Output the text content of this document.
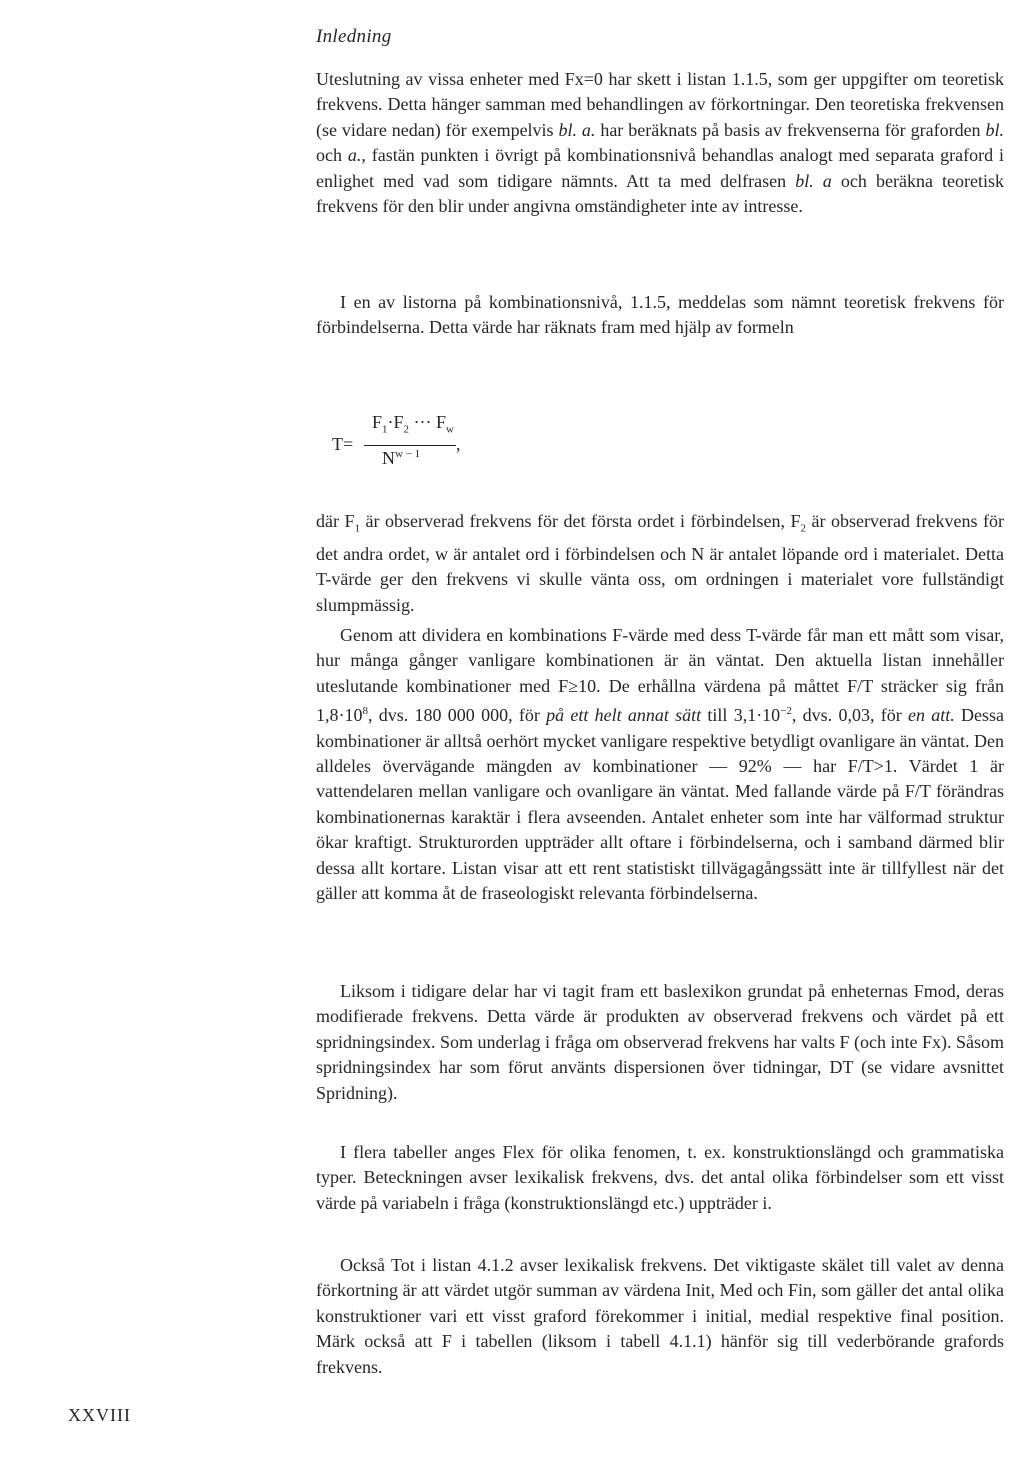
Inledning

Uteslutning av vissa enheter med Fx=0 har skett i listan 1.1.5, som ger uppgifter om teoretisk frekvens. Detta hänger samman med behandlingen av förkortningar. Den teoretiska frekvensen (se vidare nedan) för exempelvis bl. a. har beräknats på basis av frekvenserna för graforden bl. och a., fastän punkten i övrigt på kombinationsnivå behandlas analogt med separata graford i enlighet med vad som tidigare nämnts. Att ta med delfrasen bl. a och beräkna teoretisk frekvens för den blir under angivna omständigheter inte av intresse.

I en av listorna på kombinationsnivå, 1.1.5, meddelas som nämnt teoretisk frekvens för förbindelserna. Detta värde har räknats fram med hjälp av formeln

T=
$F_1\cdot F_2$ ··· $F_w$
$N^{w - 1}$ ,

där $F_1$ är observerad frekvens för det första ordet i förbindelsen, $F_2$ är observerad frekvens för det andra ordet, w är antalet ord i förbindelsen och N är antalet löpande ord i materialet. Detta T-värde ger den frekvens vi skulle vänta oss, om ordningen i materialet vore fullständigt slumpmässig.

Genom att dividera en kombinations F-värde med dess T-värde får man ett mått som visar, hur många gånger vanligare kombinationen är än väntat. Den aktuella listan innehåller uteslutande kombinationer med F≥10. De erhållna värdena på måttet F/T sträcker sig från $1,8\cdot 10^8$, dvs. 180 000 000, för på ett helt annat sätt till $3,1\cdot 10^{-2}$, dvs. 0,03, för en att. Dessa kombinationer är alltså oerhört mycket vanligare respektive betydligt ovanligare än väntat. Den alldeles övervägande mängden av kombinationer — 92% — har F/T>1. Värdet 1 är vattendelaren mellan vanligare och ovanligare än väntat. Med fallande värde på F/T förändras kombinationernas karaktär i flera avseenden. Antalet enheter som inte har välformad struktur ökar kraftigt. Strukturorden uppträder allt oftare i förbindelserna, och i samband därmed blir dessa allt kortare. Listan visar att ett rent statistiskt tillvägagångssätt inte är tillfyllest när det gäller att komma åt de fraseologiskt relevanta förbindelserna.

Liksom i tidigare delar har vi tagit fram ett baslexikon grundat på enheternas Fmod, deras modifierade frekvens. Detta värde är produkten av observerad frekvens och värdet på ett spridningsindex. Som underlag i fråga om observerad frekvens har valts F (och inte Fx). Såsom spridningsindex har som förut använts dispersionen över tidningar, DT (se vidare avsnittet Spridning).

I flera tabeller anges Flex för olika fenomen, t. ex. konstruktionslängd och grammatiska typer. Beteckningen avser lexikalisk frekvens, dvs. det antal olika förbindelser som ett visst värde på variabeln i fråga (konstruktionslängd etc.) uppträder i.

Också Tot i listan 4.1.2 avser lexikalisk frekvens. Det viktigaste skälet till valet av denna förkortning är att värdet utgör summan av värdena Init, Med och Fin, som gäller det antal olika konstruktioner vari ett visst graford förekommer i initial, medial respektive final position. Märk också att F i tabellen (liksom i tabell 4.1.1) hänför sig till vederbörande grafords frekvens.

XXVIII
